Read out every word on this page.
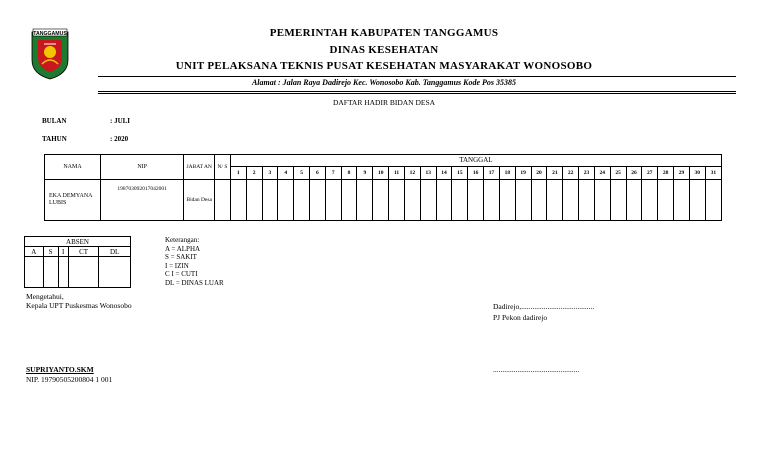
TANGGAMUS	PEMERINTAH KABUPATEN TANGGAMUS
DINAS KESEHATAN
UNIT PELAKSANA TEKNIS PUSAT KESEHATAN MASYARAKAT WONOSOBO
Alamat : Jalan Raya Dadirejo Kec. Wonosobo Kab. Tanggamus Kode Pos 35385
DAFTAR HADIR BIDAN DESA
BULAN	: JULI
TAHUN	: 2020
NAMA	NIP	JABAT AN	N/ S	TANGGAL																														
				1	2	3	4	5	6	7	8	9	10	11	12	13	14	15	16	17	18	19	20	21	22	23	24	25	26	27	28	29	30	31
EKA DEMYANA LUBIS	198703092017042001	Bidan Desa																																
ABSEN				
A	S	I	CT	DL

Keterangan:
A = ALPHA
S = SAKIT
I = IZIN
C I = CUTI
DL = DINAS LUAR
Mengetahui,
Kepala UPT Puskesmas Wonosobo
SUPRIYANTO.SKM
NIP. 19790505200804 1 001
Dadirejo,.......................................
PJ Pekon dadirejo
..............................................
